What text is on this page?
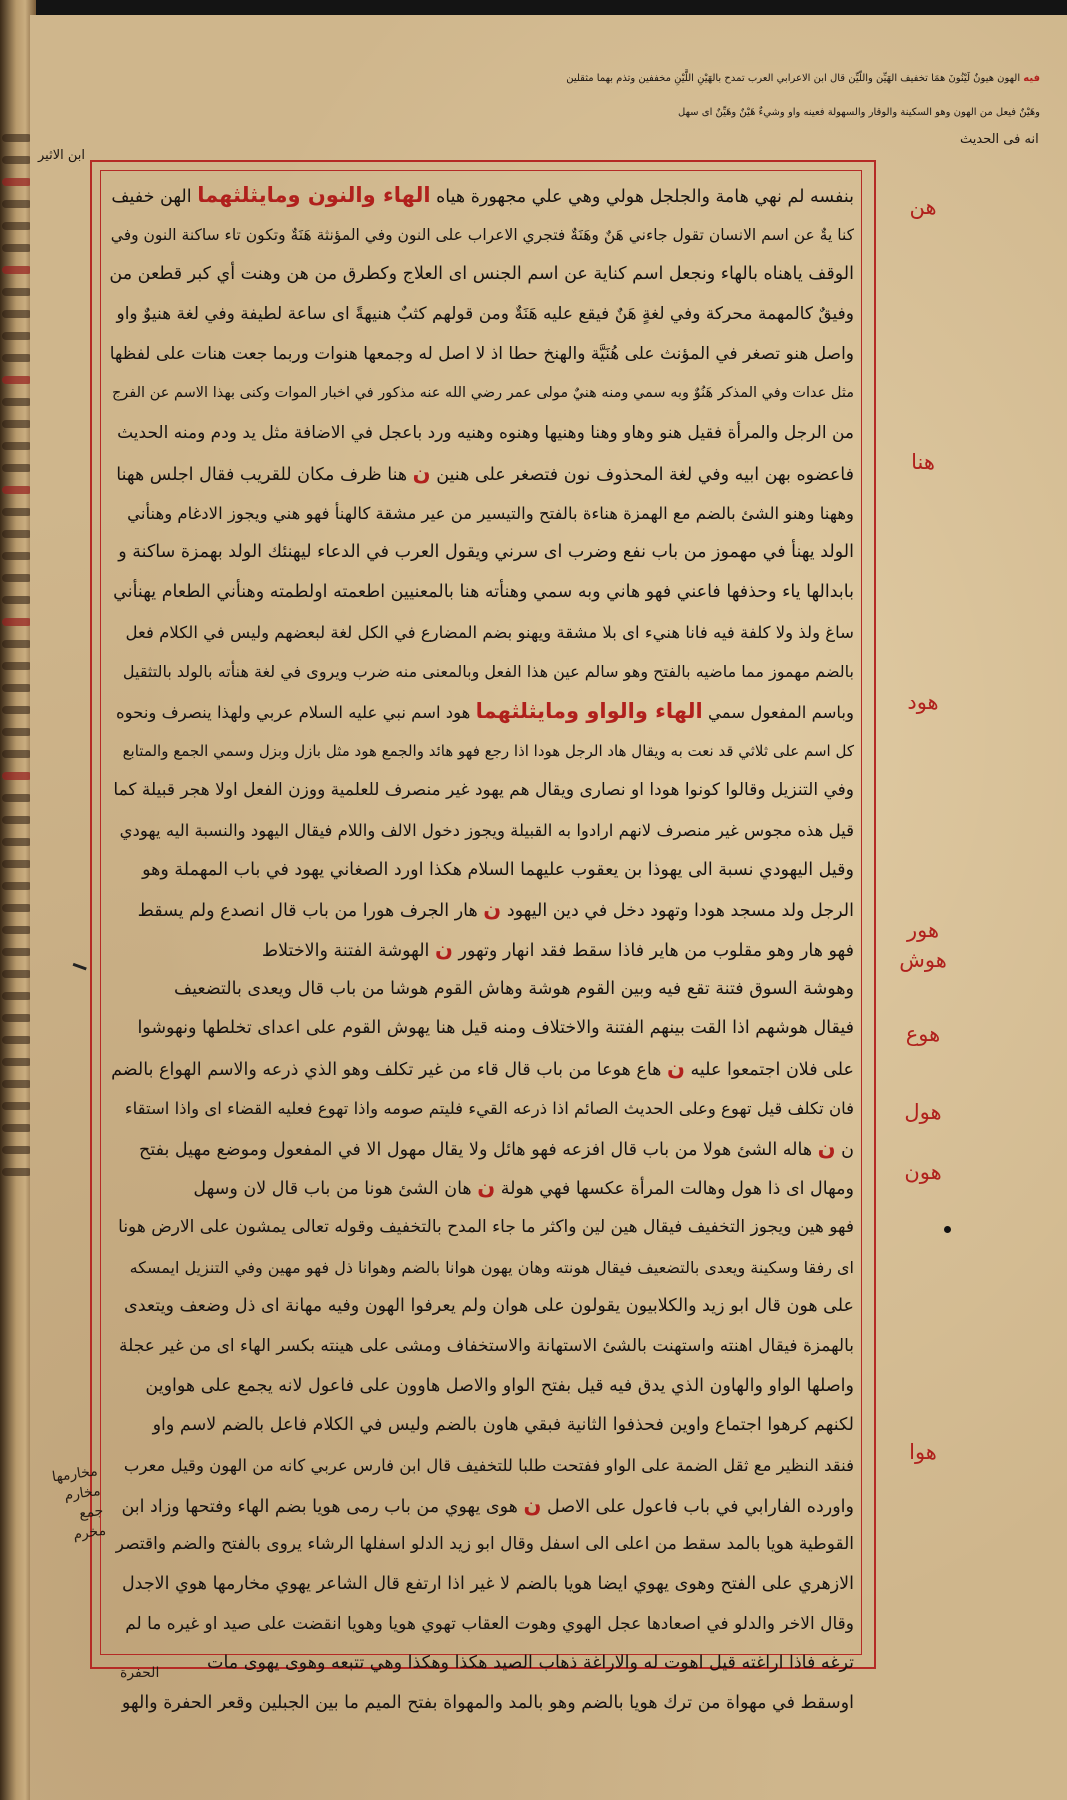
فيه الهون هيونٌ لَيْنُونَ همَا تخفيف الهَيِّن واللّيِّن قال ابن الاعرابي العرب تمدح بالهَيْنِ اللَّيْنِ مخففين وتذم بهما مثقلين

وهَيْنٌ فيعل من الهون وهو السكينة والوقار والسهولة فعينه واو وشيءٌ هَيْنٌ وهَيِّنٌ اى سهل

ابن الاثير
انه فى الحديث
بنفسه لم نهي هامة والجلجل هولي وهي علي مجهورة هياه الهاء والنون ومايثلثهما الهن خفيف
كنا يةٌ عن اسم الانسان تقول جاءني هَنٌ وهَنَةٌ فتجري الاعراب على النون وفي المؤنثة هَنَةٌ وتكون تاء ساكنة النون وفي
الوقف ياهناه بالهاء ونجعل اسم كناية عن اسم الجنس اى العلاج وكطرق من هن وهنت أي كبر قطعن من
وفيقٌ كالمهمة محركة وفي لغةٍ هَنٌ فيقع عليه هَنَةٌ ومن قولهم كثبٌ هنيهةً اى ساعة لطيفة وفي لغة هنيوٌ واو
واصل هنو تصغر في المؤنث على هُنَيَّة والهنخ حطا اذ لا اصل له وجمعها هنوات وربما جعت هنات على لفظها
مثل عدات وفي المذكر هَنُوٌ وبه سمي ومنه هنيٌ مولى عمر رضي الله عنه مذكور في اخبار الموات وكنى بهذا الاسم عن الفرج
من الرجل والمرأة فقيل هنو وهاو وهنا وهنيها وهنوه وهنيه ورد باعجل في الاضافة مثل يد ودم ومنه الحديث
فاعضوه بهن ابيه وفي لغة المحذوف نون فتصغر على هنين ن هنا ظرف مكان للقريب فقال اجلس ههنا
وههنا وهنو الشئ بالضم مع الهمزة هناءة بالفتح والتيسير من عير مشقة كالهنأ فهو هني ويجوز الادغام وهنأني
الولد يهنأ في مهموز من باب نفع وضرب اى سرني ويقول العرب في الدعاء ليهنئك الولد بهمزة ساكنة و
بابدالها ياء وحذفها فاعني فهو هاني وبه سمي وهنأته هنا بالمعنيين اطعمته اولطمته وهنأني الطعام يهنأني
ساغ ولذ ولا كلفة فيه فانا هنيء اى بلا مشقة ويهنو بضم المضارع في الكل لغة لبعضهم وليس في الكلام فعل
بالضم مهموز مما ماضيه بالفتح وهو سالم عين هذا الفعل وبالمعنى منه ضرب ويروى في لغة هنأته بالولد بالتثقيل
وباسم المفعول سمي الهاء والواو ومايثلثهما هود اسم نبي عليه السلام عربي ولهذا ينصرف ونحوه
كل اسم على ثلاثي قد نعت به ويقال هاد الرجل هودا اذا رجع فهو هائد والجمع هود مثل بازل وبزل وسمي الجمع والمتابع
وفي التنزيل وقالوا كونوا هودا او نصارى ويقال هم يهود غير منصرف للعلمية ووزن الفعل اولا هجر قبيلة كما
قيل هذه مجوس غير منصرف لانهم ارادوا به القبيلة ويجوز دخول الالف واللام فيقال اليهود والنسبة اليه يهودي
وقيل اليهودي نسبة الى يهوذا بن يعقوب عليهما السلام هكذا اورد الصغاني يهود في باب المهملة وهو
الرجل ولد مسجد هودا وتهود دخل في دين اليهود ن هار الجرف هورا من باب قال انصدع ولم يسقط
فهو هار وهو مقلوب من هاير فاذا سقط فقد انهار وتهور ن الهوشة الفتنة والاختلاط
وهوشة السوق فتنة تقع فيه وبين القوم هوشة وهاش القوم هوشا من باب قال ويعدى بالتضعيف
فيقال هوشهم اذا القت بينهم الفتنة والاختلاف ومنه قيل هنا يهوش القوم على اعداى تخلطها ونهوشوا
على فلان اجتمعوا عليه ن هاع هوعا من باب قال قاء من غير تكلف وهو الذي ذرعه والاسم الهواع بالضم
فان تكلف قيل تهوع وعلى الحديث الصائم اذا ذرعه القيء فليتم صومه واذا تهوع فعليه القضاء اى واذا استقاء
ن ن هاله الشئ هولا من باب قال افزعه فهو هائل ولا يقال مهول الا في المفعول وموضع مهيل بفتح
ومهال اى ذا هول وهالت المرأة عكسها فهي هولة ن هان الشئ هونا من باب قال لان وسهل
فهو هين ويجوز التخفيف فيقال هين لين واكثر ما جاء المدح بالتخفيف وقوله تعالى يمشون على الارض هونا
اى رفقا وسكينة ويعدى بالتضعيف فيقال هونته وهان يهون هوانا بالضم وهوانا ذل فهو مهين وفي التنزيل ايمسكه
على هون قال ابو زيد والكلابيون يقولون على هوان ولم يعرفوا الهون وفيه مهانة اى ذل وضعف ويتعدى
بالهمزة فيقال اهنته واستهنت بالشئ الاستهانة والاستخفاف ومشى على هينته بكسر الهاء اى من غير عجلة
واصلها الواو والهاون الذي يدق فيه قيل بفتح الواو والاصل هاوون على فاعول لانه يجمع على هواوين
لكنهم كرهوا اجتماع واوين فحذفوا الثانية فبقي هاون بالضم وليس في الكلام فاعل بالضم لاسم واو
فنقد النظير مع ثقل الضمة على الواو ففتحت طلبا للتخفيف قال ابن فارس عربي كانه من الهون وقيل معرب
واورده الفارابي في باب فاعول على الاصل ن هوى يهوي من باب رمى هويا بضم الهاء وفتحها وزاد ابن
القوطية هويا بالمد سقط من اعلى الى اسفل وقال ابو زيد الدلو اسفلها الرشاء يروى بالفتح والضم واقتصر
الازهري على الفتح وهوى يهوي ايضا هويا بالضم لا غير اذا ارتفع قال الشاعر يهوي مخارمها هوي الاجدل
وقال الاخر والدلو في اصعادها عجل الهوي وهوت العقاب تهوي هويا وهويا انقضت على صيد او غيره ما لم
ترغه فاذا اراغته قيل اهوت له والاراغة ذهاب الصيد هكذا وهكذا وهي تتبعه وهوى يهوى مات
اوسقط في مهواة من ترك هويا بالضم وهو بالمد والمهواة بفتح الميم ما بين الجبلين وقعر الحفرة والهو
هن
هنا
هود
هور
هوش
هوع
هول
هون
هوا
مخارمها مخارم جمع مخرم
الحفرة
